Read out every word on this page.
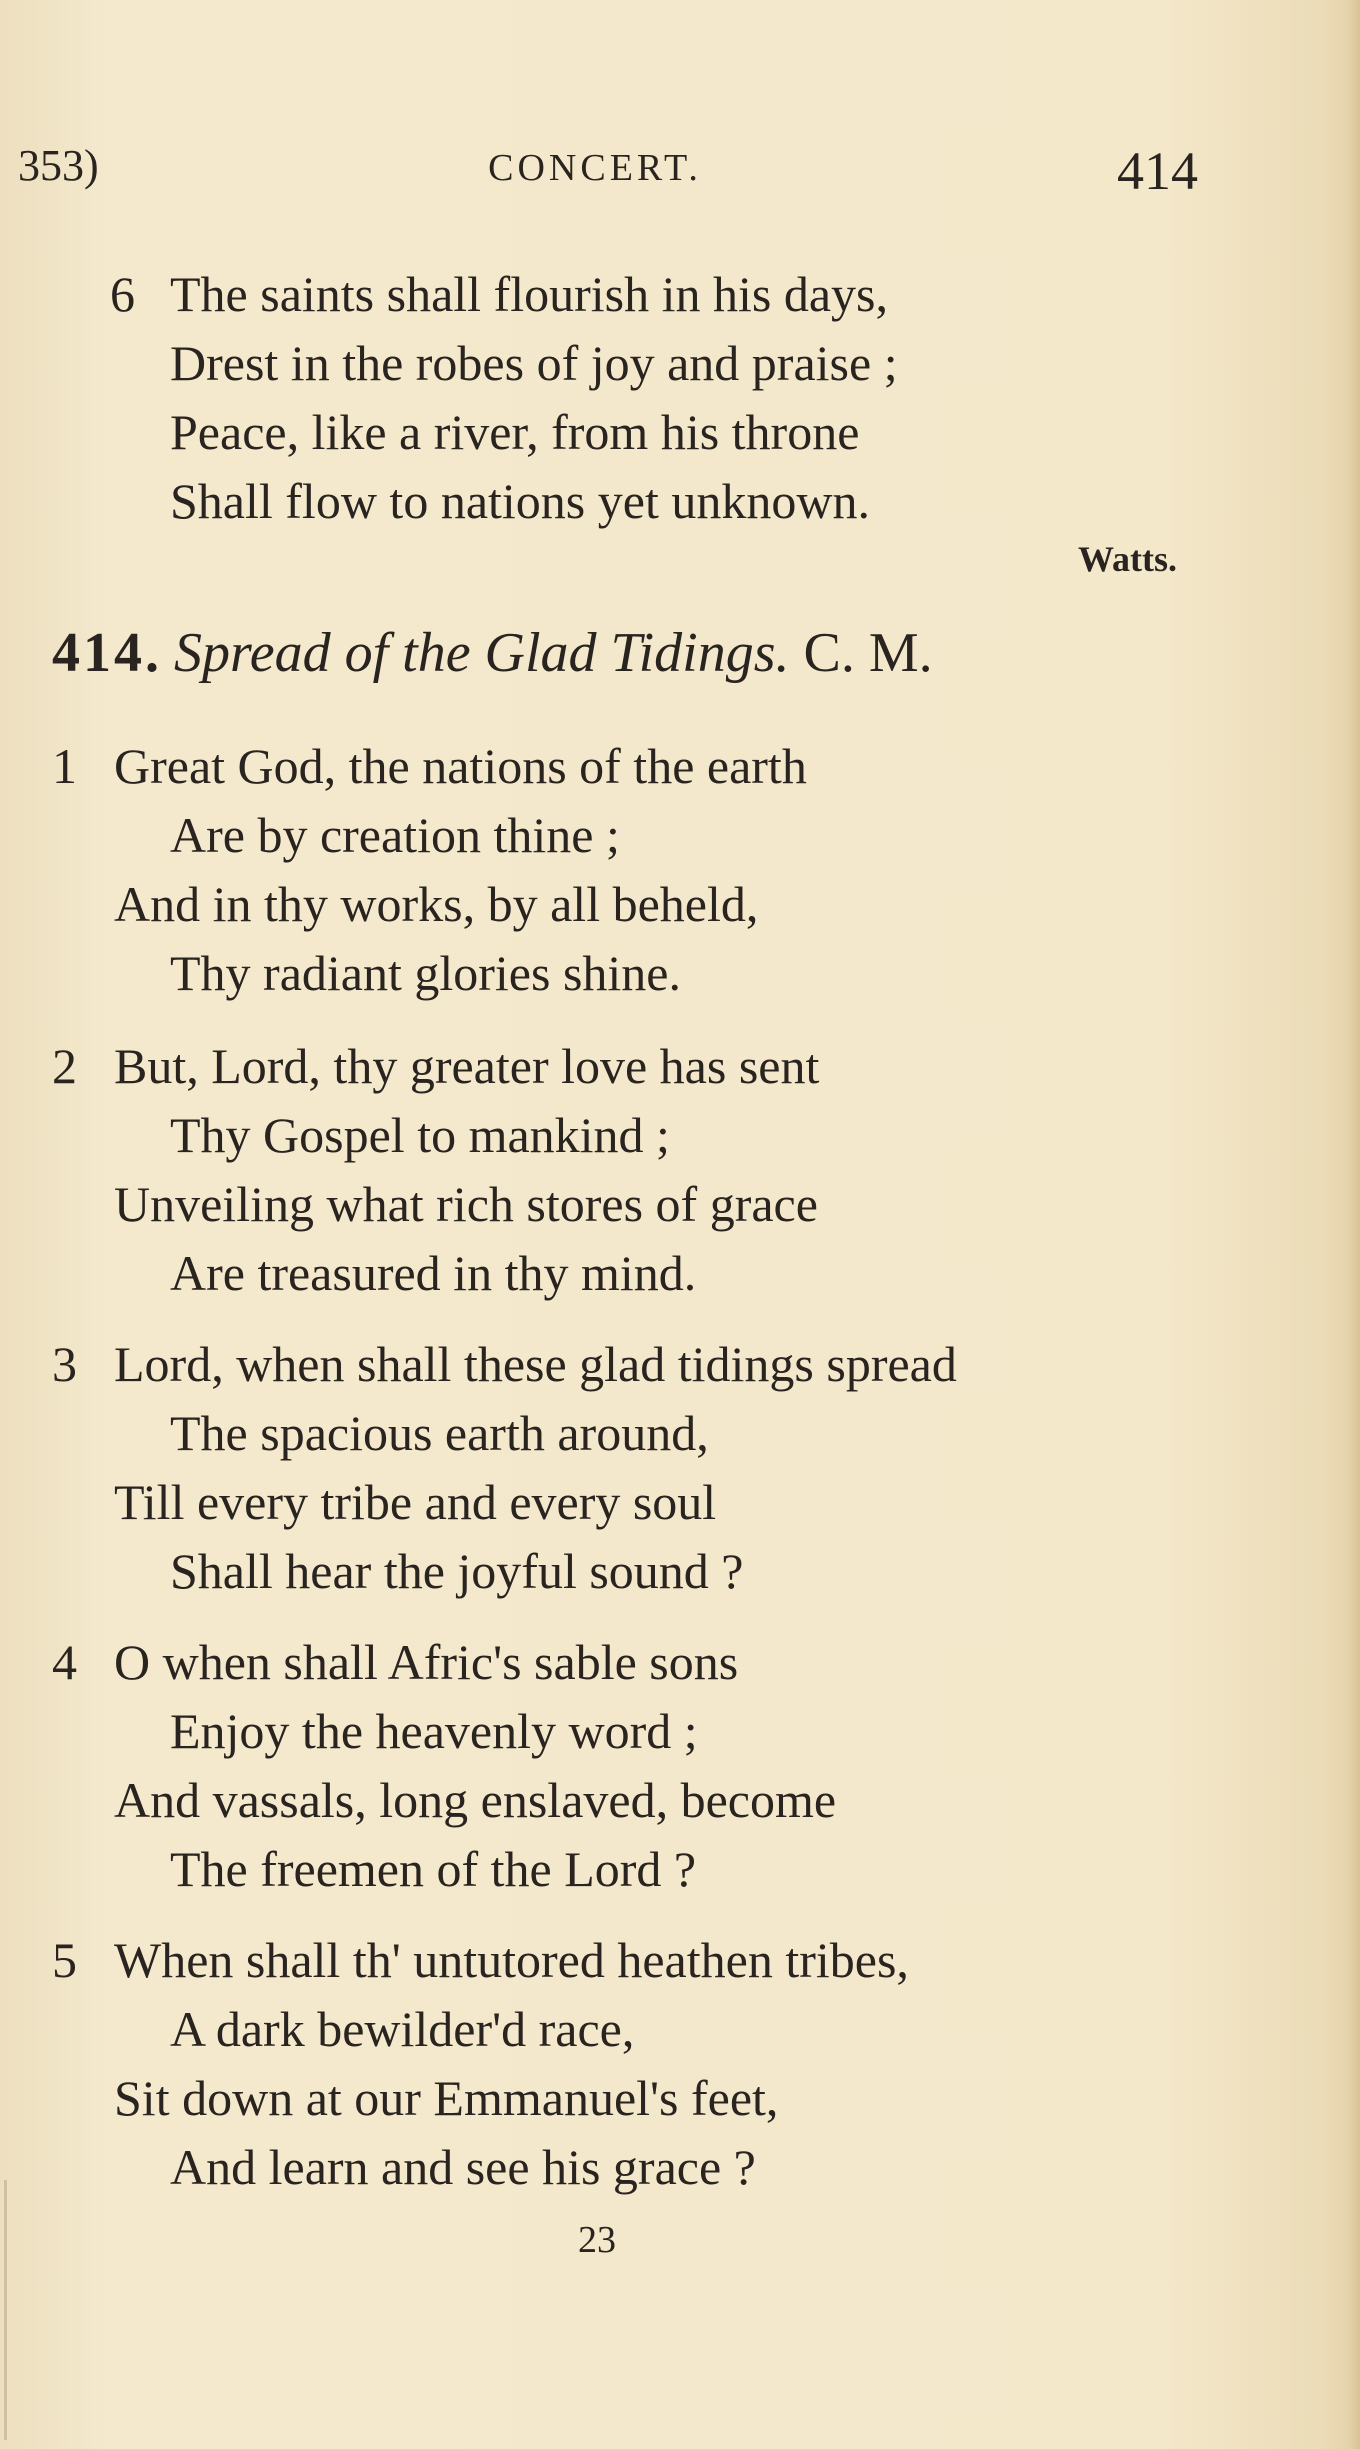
353)	CONCERT.	414
6 The saints shall flourish in his days,
Drest in the robes of joy and praise ;
Peace, like a river, from his throne
Shall flow to nations yet unknown.
Watts.
414. Spread of the Glad Tidings. C. M.
1 Great God, the nations of the earth
Are by creation thine ;
And in thy works, by all beheld,
Thy radiant glories shine.
2 But, Lord, thy greater love has sent
Thy Gospel to mankind ;
Unveiling what rich stores of grace
Are treasured in thy mind.
3 Lord, when shall these glad tidings spread
The spacious earth around,
Till every tribe and every soul
Shall hear the joyful sound ?
4 O when shall Afric's sable sons
Enjoy the heavenly word ;
And vassals, long enslaved, become
The freemen of the Lord ?
5 When shall th' untutored heathen tribes,
A dark bewilder'd race,
Sit down at our Emmanuel's feet,
And learn and see his grace ?
23
